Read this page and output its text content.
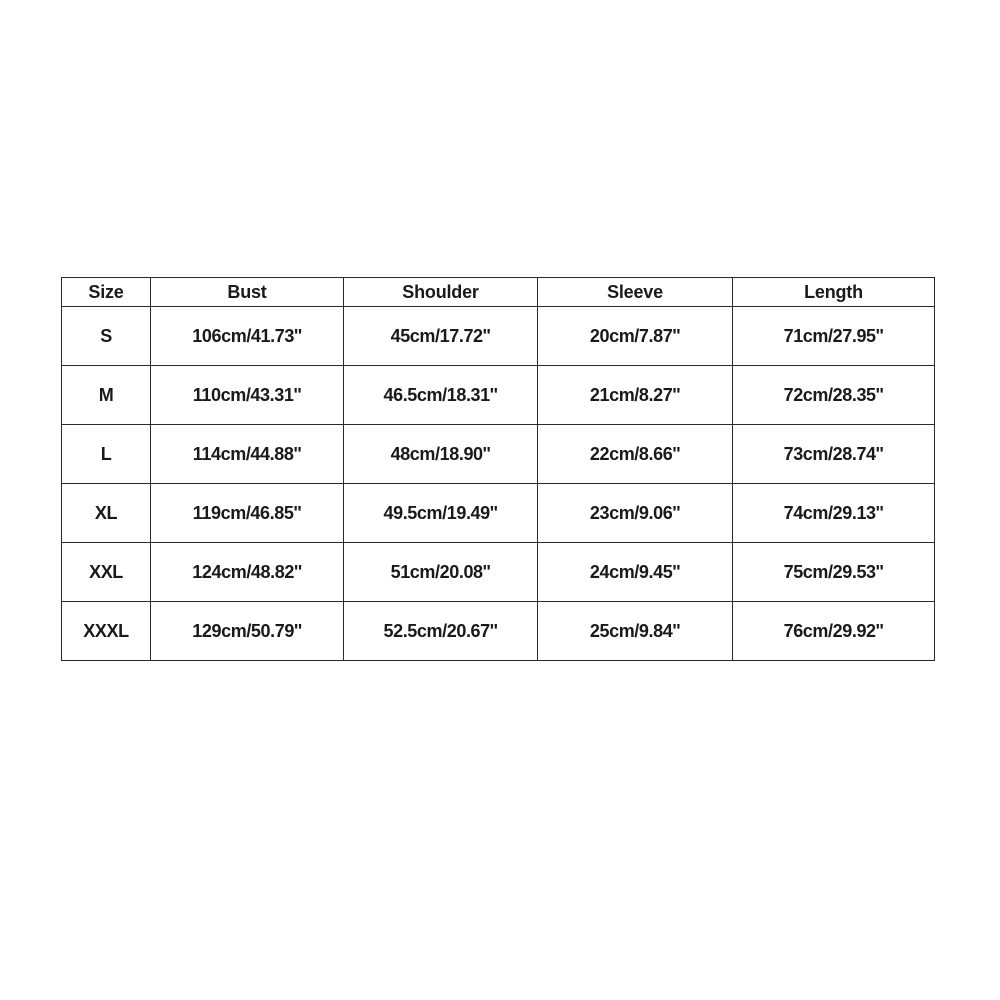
Size	Bust	Shoulder	Sleeve	Length
S	106cm/41.73''	45cm/17.72''	20cm/7.87''	71cm/27.95''
M	110cm/43.31''	46.5cm/18.31''	21cm/8.27''	72cm/28.35''
L	114cm/44.88''	48cm/18.90''	22cm/8.66''	73cm/28.74''
XL	119cm/46.85''	49.5cm/19.49''	23cm/9.06''	74cm/29.13''
XXL	124cm/48.82''	51cm/20.08''	24cm/9.45''	75cm/29.53''
XXXL	129cm/50.79''	52.5cm/20.67''	25cm/9.84''	76cm/29.92''
